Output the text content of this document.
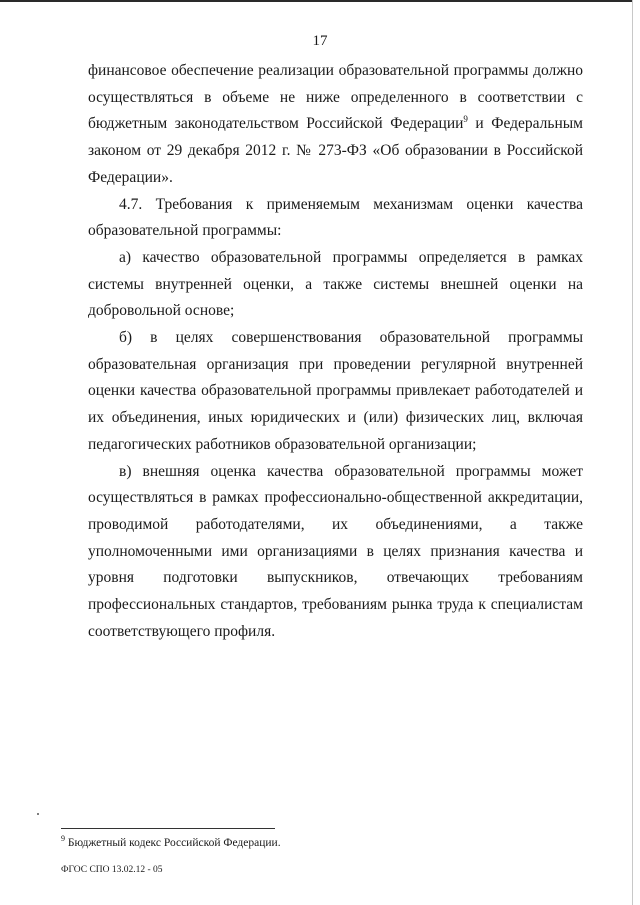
17

финансовое обеспечение реализации образовательной программы должно осуществляться в объеме не ниже определенного в соответствии с бюджетным законодательством Российской Федерации$^9$ и Федеральным законом от 29 декабря 2012 г. № 273-ФЗ «Об образовании в Российской Федерации».

4.7. Требования к применяемым механизмам оценки качества образовательной программы:

а) качество образовательной программы определяется в рамках системы внутренней оценки, а также системы внешней оценки на добровольной основе;

б) в целях совершенствования образовательной программы образовательная организация при проведении регулярной внутренней оценки качества образовательной программы привлекает работодателей и их объединения, иных юридических и (или) физических лиц, включая педагогических работников образовательной организации;

в) внешняя оценка качества образовательной программы может осуществляться в рамках профессионально-общественной аккредитации, проводимой работодателями, их объединениями, а также уполномоченными ими организациями в целях признания качества и уровня подготовки выпускников, отвечающих требованиям профессиональных стандартов, требованиям рынка труда к специалистам соответствующего профиля.

$^9$ Бюджетный кодекс Российской Федерации.
ФГОС СПО 13.02.12 - 05
